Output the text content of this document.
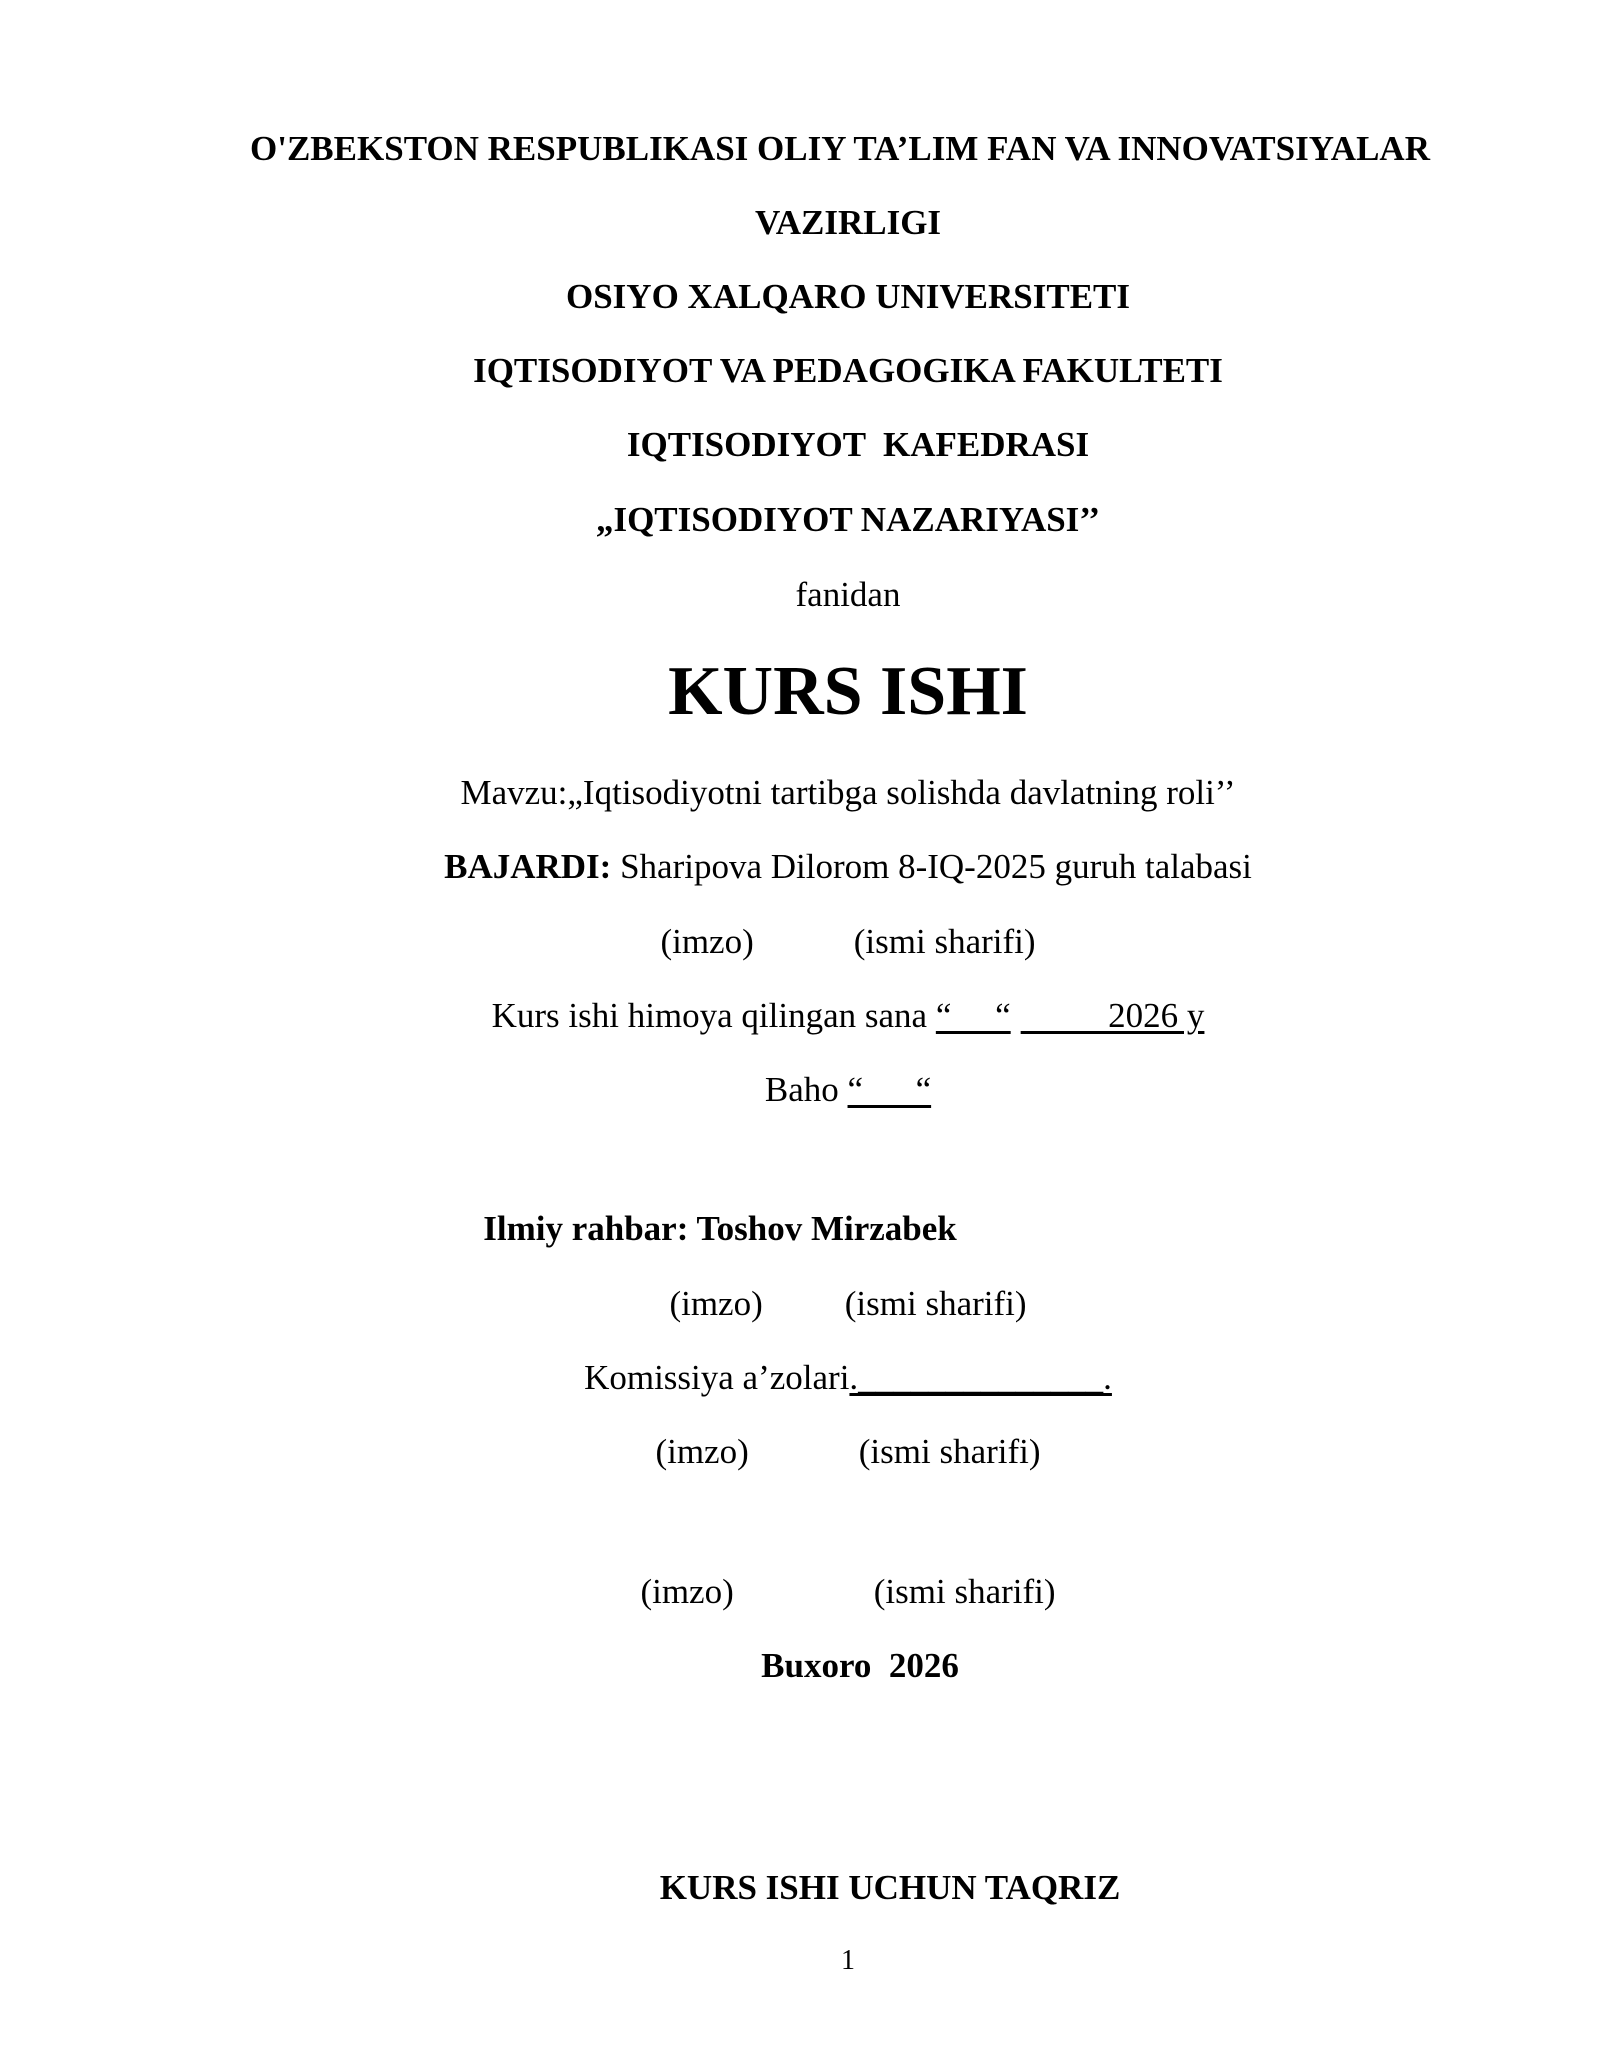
O'ZBEKSTON RESPUBLIKASI OLIY TA’LIM FAN VA INNOVATSIYALAR
VAZIRLIGI
OSIYO XALQARO UNIVERSITETI
IQTISODIYOT VA PEDAGOGIKA FAKULTETI
IQTISODIYOT  KAFEDRASI
„IQTISODIYOT NAZARIYASI’’
fanidan
KURS ISHI
Mavzu:„Iqtisodiyotni tartibga solishda davlatning roli’’
BAJARDI: Sharipova Dilorom 8-IQ-2025 guruh talabasi
(imzo)	(ismi sharifi)
Kurs ishi himoya qilingan sana “     “          2026 y
Baho “      “
Ilmiy rahbar: Toshov Mirzabek
(imzo) (ismi sharifi)
Komissiya a’zolari.______________.
(imzo)	(ismi sharifi)
(imzo)	(ismi sharifi)
Buxoro  2026
KURS ISHI UCHUN TAQRIZ
1
